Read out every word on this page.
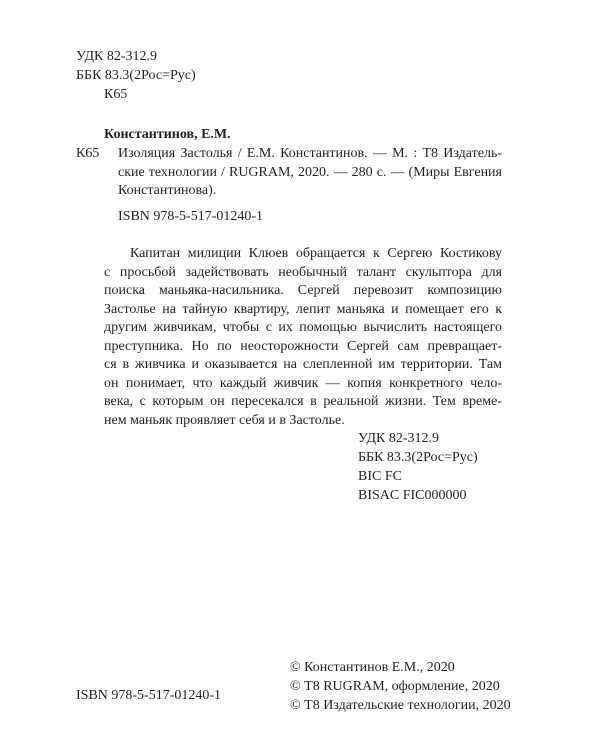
УДК 82-312.9
ББК 83.3(2Рос=Рус)
К65
Константинов, Е.М.
К65 Изоляция Застолья / Е.М. Константинов. — М. : Т8 Издатель-
ские технологии / RUGRAM, 2020. — 280 с. — (Миры Евгения
Константинова).
ISBN 978-5-517-01240-1
Капитан милиции Клюев обращается к Сергею Костикову
с просьбой задействовать необычный талант скульптора для
поиска маньяка-насильника. Сергей перевозит композицию
Застолье на тайную квартиру, лепит маньяка и помещает его к
другим живчикам, чтобы с их помощью вычислить настоящего
преступника. Но по неосторожности Сергей сам превращает-
ся в живчика и оказывается на слепленной им территории. Там
он понимает, что каждый живчик — копия конкретного чело-
века, с которым он пересекался в реальной жизни. Тем време-
нем маньяк проявляет себя и в Застолье.
УДК 82-312.9
ББК 83.3(2Рос=Рус)
BIC FC
BISAC FIC000000
ISBN 978-5-517-01240-1
© Константинов Е.М., 2020
© Т8 RUGRAM, оформление, 2020
© Т8 Издательские технологии, 2020
